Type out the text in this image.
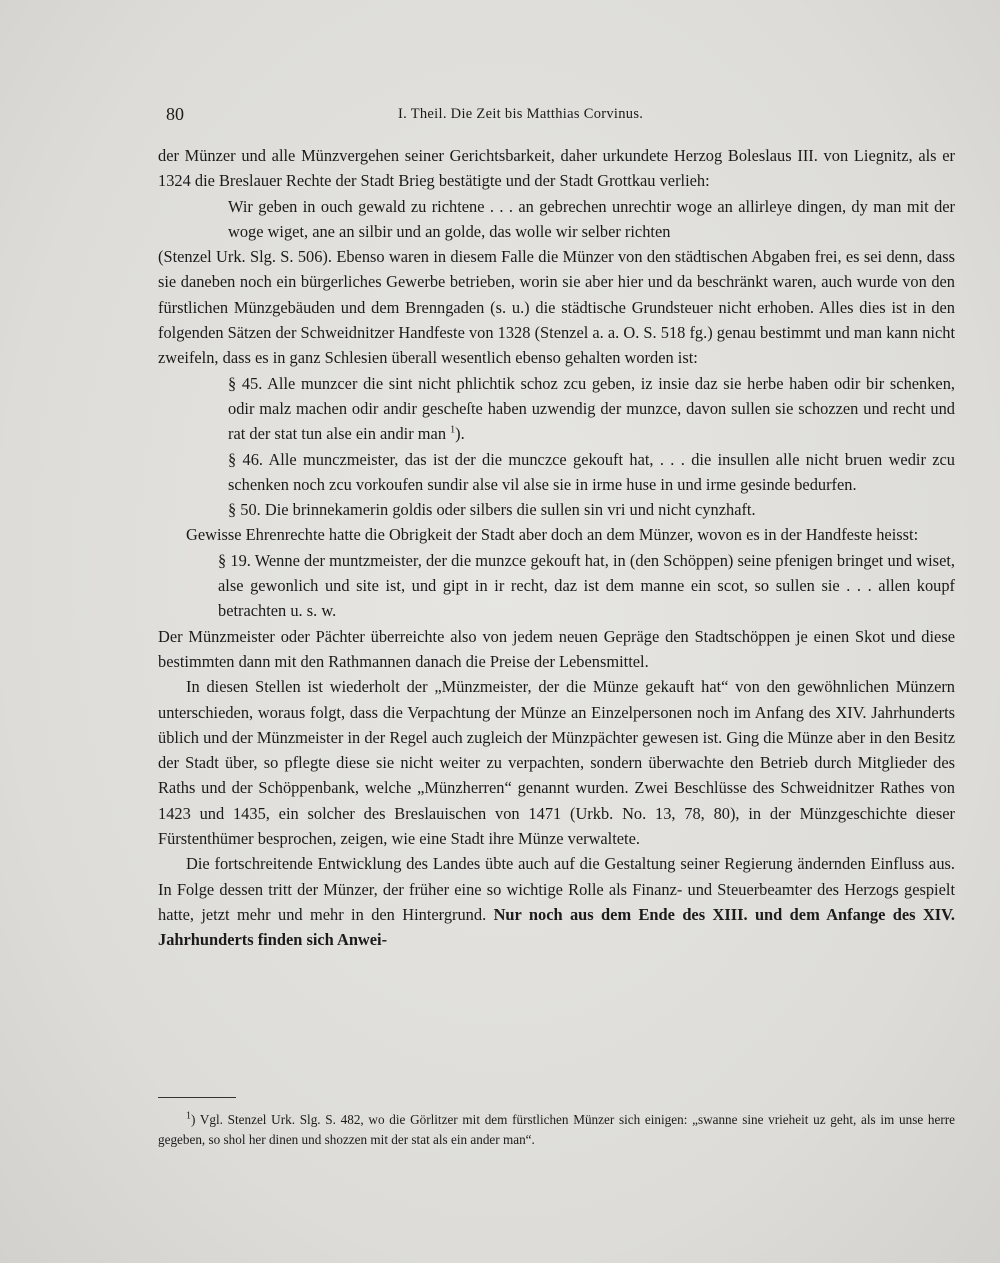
80	I. Theil. Die Zeit bis Matthias Corvinus.

der Münzer und alle Münzvergehen seiner Gerichtsbarkeit, daher urkundete Herzog Boleslaus III. von Liegnitz, als er 1324 die Breslauer Rechte der Stadt Brieg bestätigte und der Stadt Grottkau verlieh:

Wir geben in ouch gewald zu richtene . . . an gebrechen unrechtir woge an allirleye dingen, dy man mit der woge wiget, ane an silbir und an golde, das wolle wir selber richten

(Stenzel Urk. Slg. S. 506). Ebenso waren in diesem Falle die Münzer von den städtischen Abgaben frei, es sei denn, dass sie daneben noch ein bürgerliches Gewerbe betrieben, worin sie aber hier und da beschränkt waren, auch wurde von den fürstlichen Münzgebäuden und dem Brenngaden (s. u.) die städtische Grundsteuer nicht erhoben. Alles dies ist in den folgenden Sätzen der Schweidnitzer Handfeste von 1328 (Stenzel a. a. O. S. 518 fg.) genau bestimmt und man kann nicht zweifeln, dass es in ganz Schlesien überall wesentlich ebenso gehalten worden ist:

§ 45. Alle munzcer die sint nicht phlichtik schoz zcu geben, iz insie daz sie herbe haben odir bir schenken, odir malz machen odir andir gescheſte haben uzwendig der munzce, davon sullen sie schozzen und recht und rat der stat tun alse ein andir man $^1$).

§ 46. Alle munczmeister, das ist der die munczce gekouft hat, . . . die insullen alle nicht bruen wedir zcu schenken noch zcu vorkoufen sundir alse vil alse sie in irme huse in und irme gesinde bedurfen.

§ 50. Die brinnekamerin goldis oder silbers die sullen sin vri und nicht cynzhaft.

Gewisse Ehrenrechte hatte die Obrigkeit der Stadt aber doch an dem Münzer, wovon es in der Handfeste heisst:

§ 19. Wenne der muntzmeister, der die munzce gekouft hat, in (den Schöppen) seine pfenigen bringet und wiset, alse gewonlich und site ist, und gipt in ir recht, daz ist dem manne ein scot, so sullen sie . . . allen koupf betrachten u. s. w.

Der Münzmeister oder Pächter überreichte also von jedem neuen Gepräge den Stadtschöppen je einen Skot und diese bestimmten dann mit den Rathmannen danach die Preise der Lebensmittel.

In diesen Stellen ist wiederholt der „Münzmeister, der die Münze gekauft hat“ von den gewöhnlichen Münzern unterschieden, woraus folgt, dass die Verpachtung der Münze an Einzelpersonen noch im Anfang des XIV. Jahrhunderts üblich und der Münzmeister in der Regel auch zugleich der Münzpächter gewesen ist. Ging die Münze aber in den Besitz der Stadt über, so pflegte diese sie nicht weiter zu verpachten, sondern überwachte den Betrieb durch Mitglieder des Raths und der Schöppenbank, welche „Münzherren“ genannt wurden. Zwei Beschlüsse des Schweidnitzer Rathes von 1423 und 1435, ein solcher des Breslauischen von 1471 (Urkb. No. 13, 78, 80), in der Münzgeschichte dieser Fürstenthümer besprochen, zeigen, wie eine Stadt ihre Münze verwaltete.

Die fortschreitende Entwicklung des Landes übte auch auf die Gestaltung seiner Regierung ändernden Einfluss aus. In Folge dessen tritt der Münzer, der früher eine so wichtige Rolle als Finanz- und Steuerbeamter des Herzogs gespielt hatte, jetzt mehr und mehr in den Hintergrund. Nur noch aus dem Ende des XIII. und dem Anfange des XIV. Jahrhunderts finden sich Anwei-

$^1$) Vgl. Stenzel Urk. Slg. S. 482, wo die Görlitzer mit dem fürstlichen Münzer sich einigen: „swanne sine vrieheit uz geht, als im unse herre gegeben, so shol her dinen und shozzen mit der stat als ein ander man“.
